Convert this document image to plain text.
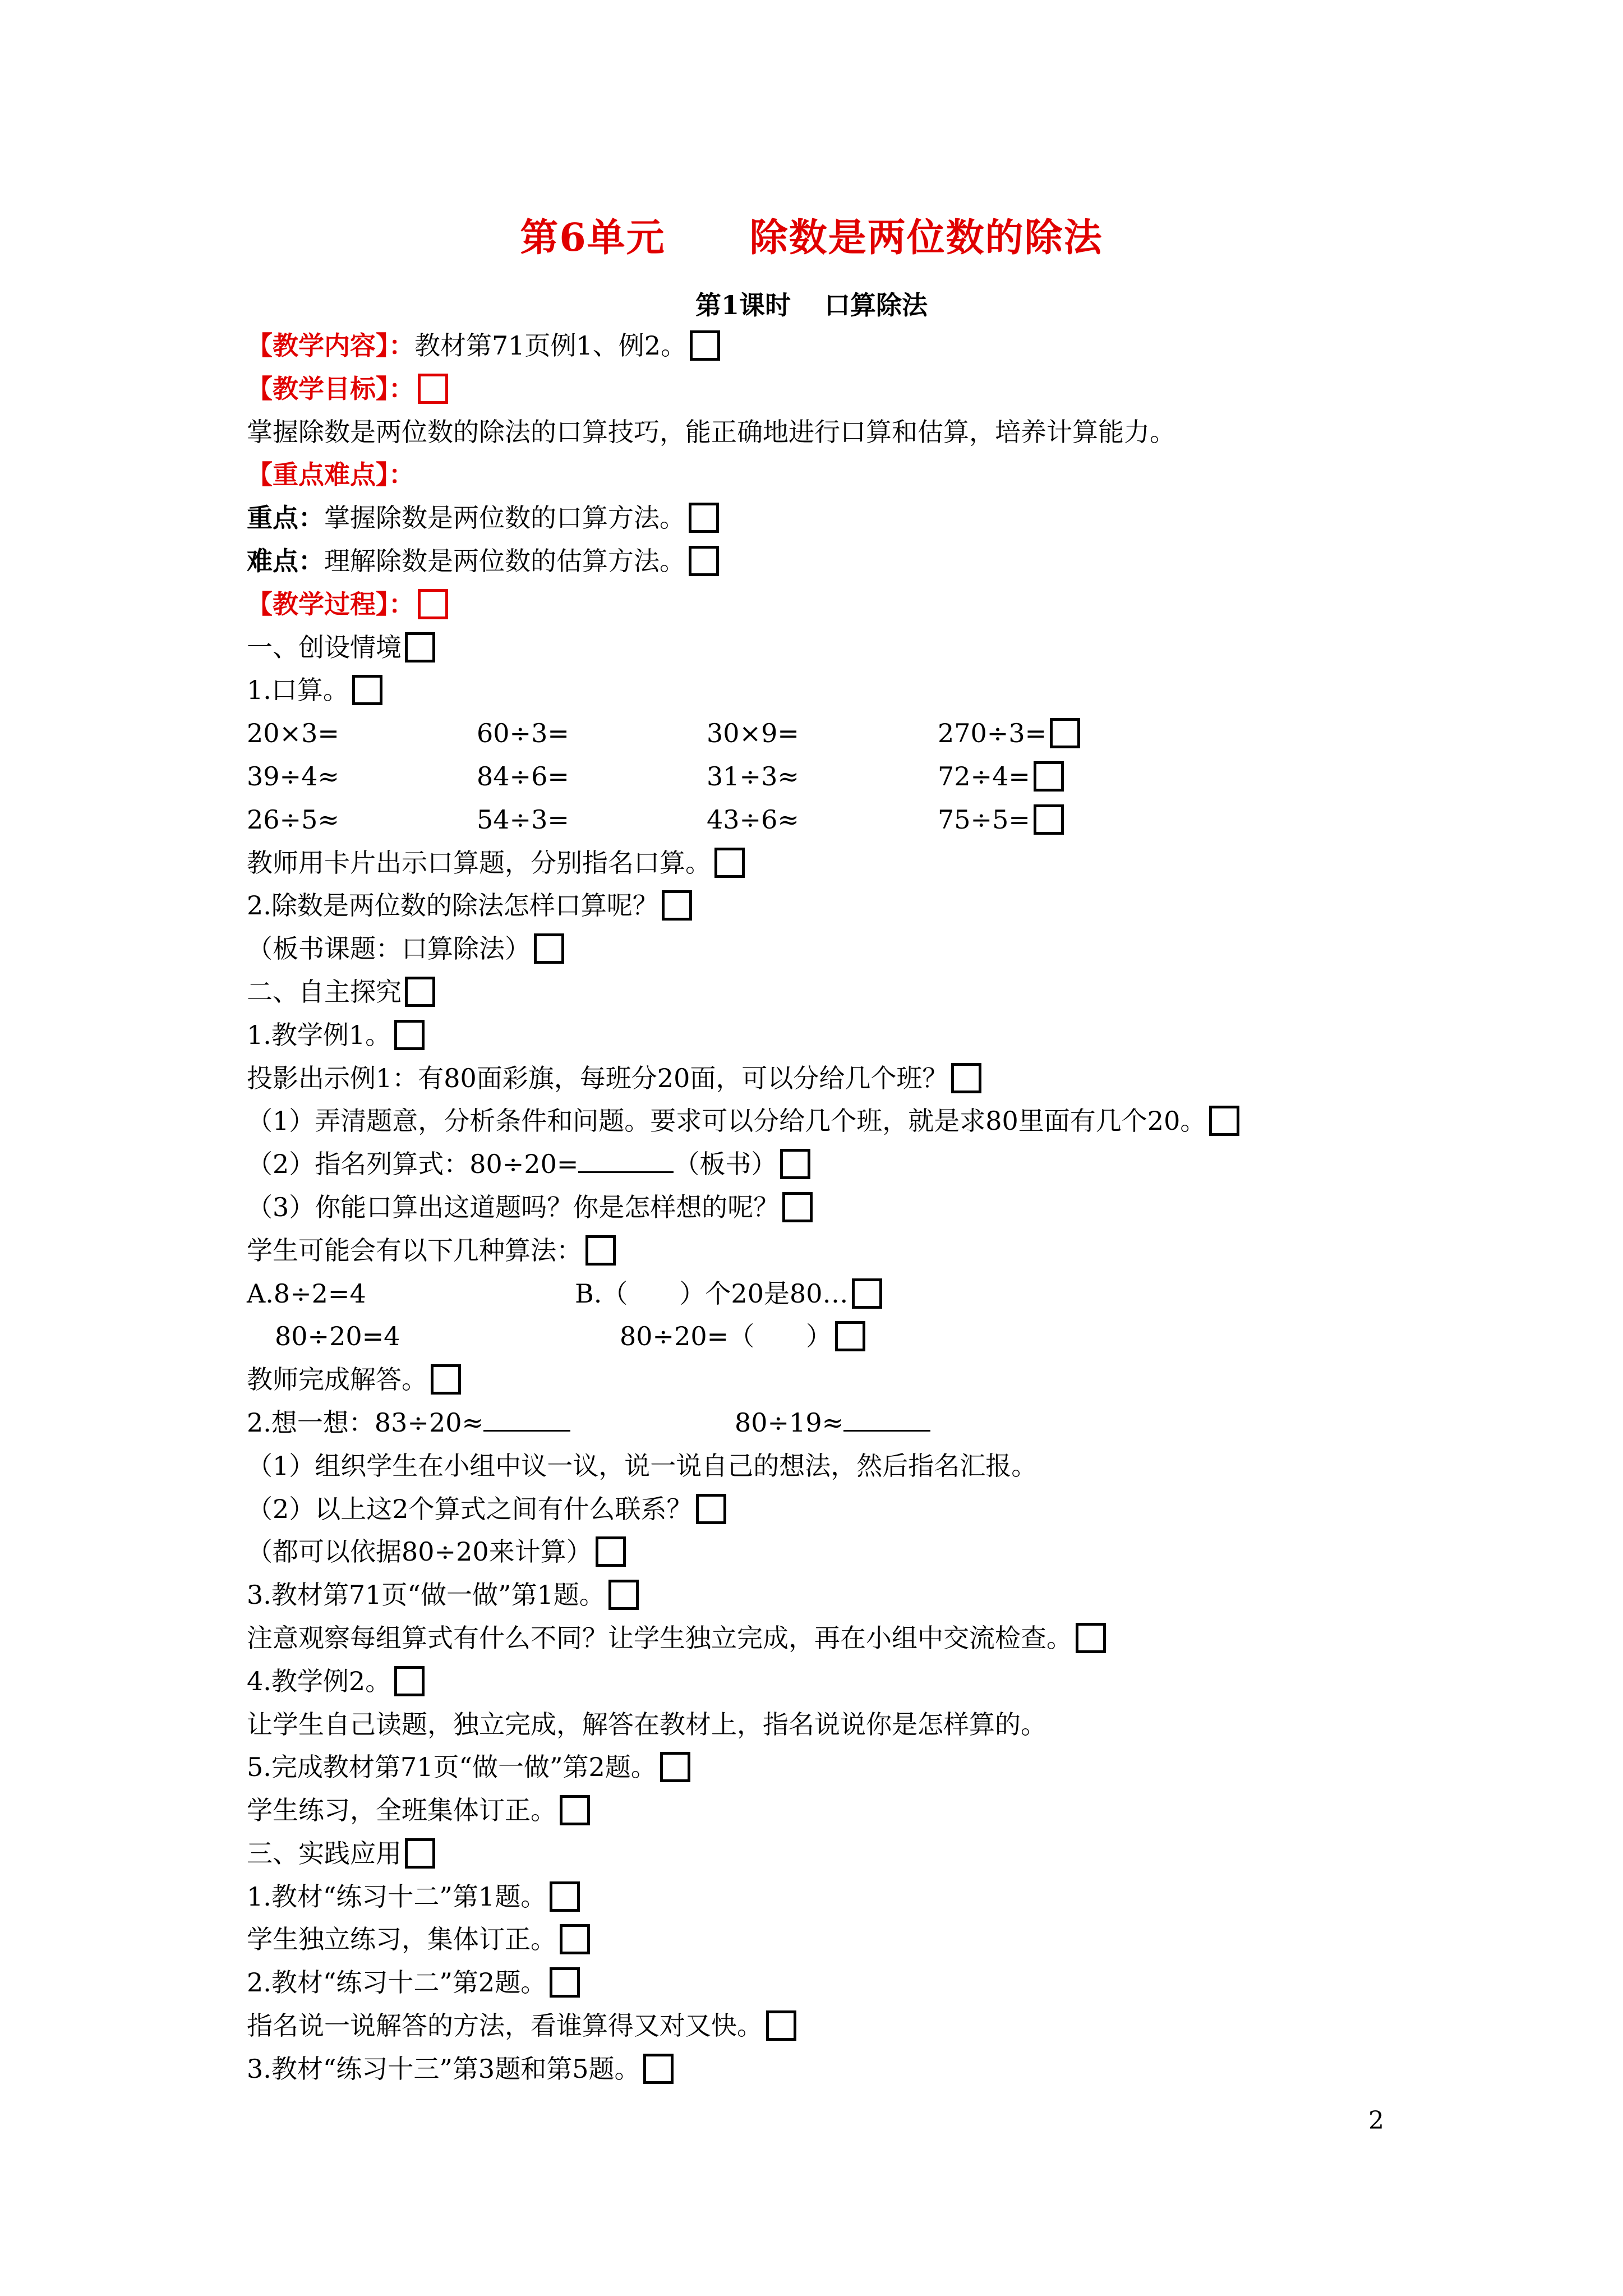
第6单元 除数是两位数的除法
第1课时 口算除法
【教学内容】：教材第71页例1、例2。
【教学目标】：
掌握除数是两位数的除法的口算技巧，能正确地进行口算和估算，培养计算能力。
【重点难点】：
重点：掌握除数是两位数的口算方法。
难点：理解除数是两位数的估算方法。
【教学过程】：
一、创设情境
1.口算。
20×3=	60÷3=	30×9=	270÷3=
39÷4≈	84÷6=	31÷3≈	72÷4=
26÷5≈	54÷3=	43÷6≈	75÷5=
教师用卡片出示口算题，分别指名口算。
2.除数是两位数的除法怎样口算呢？
（板书课题：口算除法）
二、自主探究
1.教学例1。
投影出示例1：有80面彩旗，每班分20面，可以分给几个班？
（1）弄清题意，分析条件和问题。要求可以分给几个班，就是求80里面有几个20。
（2）指名列算式：80÷20=	（板书）
（3）你能口算出这道题吗？你是怎样想的呢？
学生可能会有以下几种算法：
A.8÷2=4	B.（　　）个20是80…
80÷20=4	80÷20=（　　）
教师完成解答。
2.想一想：83÷20≈	80÷19≈
（1）组织学生在小组中议一议，说一说自己的想法，然后指名汇报。
（2）以上这2个算式之间有什么联系？
（都可以依据80÷20来计算）
3.教材第71页“做一做”第1题。
注意观察每组算式有什么不同？让学生独立完成，再在小组中交流检查。
4.教学例2。
让学生自己读题，独立完成，解答在教材上，指名说说你是怎样算的。
5.完成教材第71页“做一做”第2题。
学生练习，全班集体订正。
三、实践应用
1.教材“练习十二”第1题。
学生独立练习，集体订正。
2.教材“练习十二”第2题。
指名说一说解答的方法，看谁算得又对又快。
3.教材“练习十三”第3题和第5题。
2
